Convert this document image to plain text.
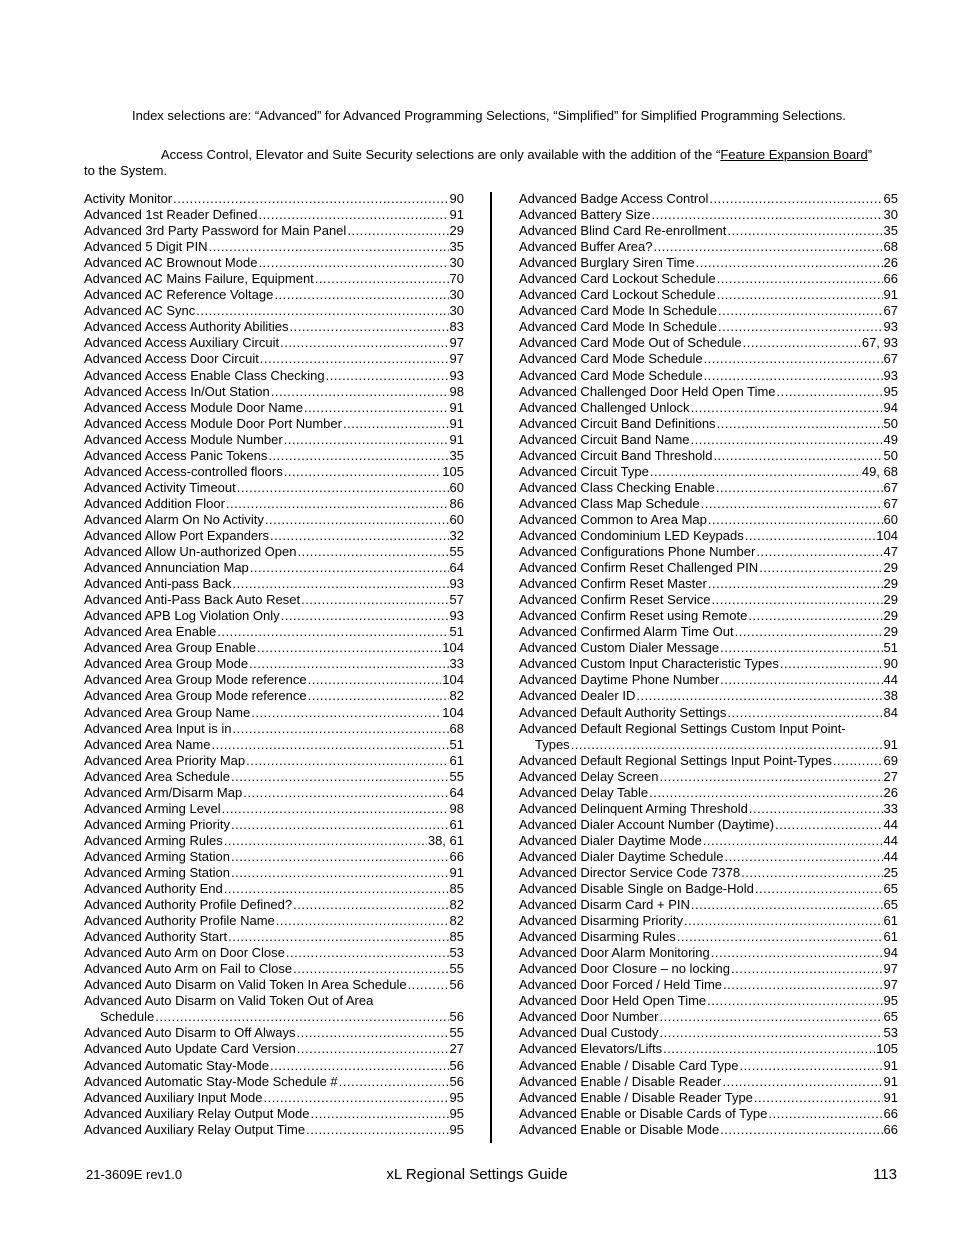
Index selections are: “Advanced” for Advanced Programming Selections, “Simplified” for Simplified Programming Selections.
Access Control, Elevator and Suite Security selections are only available with the addition of the “Feature Expansion Board” to the System.
Activity Monitor .....	90
Advanced 1st Reader Defined .....	91
Advanced 3rd Party Password for Main Panel .....	29
Advanced 5 Digit PIN .....	35
Advanced AC Brownout Mode .....	30
Advanced AC Mains Failure, Equipment .....	70
Advanced AC Reference Voltage .....	30
Advanced AC Sync .....	30
Advanced Access Authority Abilities .....	83
Advanced Access Auxiliary Circuit .....	97
Advanced Access Door Circuit .....	97
Advanced Access Enable Class Checking .....	93
Advanced Access In/Out Station .....	98
Advanced Access Module Door Name .....	91
Advanced Access Module Door Port Number .....	91
Advanced Access Module Number .....	91
Advanced Access Panic Tokens .....	35
Advanced Access-controlled floors .....	105
Advanced Activity Timeout .....	60
Advanced Addition Floor .....	86
Advanced Alarm On No Activity .....	60
Advanced Allow Port Expanders .....	32
Advanced Allow Un-authorized Open .....	55
Advanced Annunciation Map .....	64
Advanced Anti-pass Back .....	93
Advanced Anti-Pass Back Auto Reset .....	57
Advanced APB Log Violation Only .....	93
Advanced Area Enable .....	51
Advanced Area Group Enable .....	104
Advanced Area Group Mode .....	33
Advanced Area Group Mode reference .....	104
Advanced Area Group Mode reference .....	82
Advanced Area Group Name .....	104
Advanced Area Input is in .....	68
Advanced Area Name .....	51
Advanced Area Priority Map .....	61
Advanced Area Schedule .....	55
Advanced Arm/Disarm Map .....	64
Advanced Arming Level .....	98
Advanced Arming Priority .....	61
Advanced Arming Rules .....	38, 61
Advanced Arming Station .....	66
Advanced Arming Station .....	91
Advanced Authority End .....	85
Advanced Authority Profile Defined? .....	82
Advanced Authority Profile Name .....	82
Advanced Authority Start .....	85
Advanced Auto Arm on Door Close .....	53
Advanced Auto Arm on Fail to Close .....	55
Advanced Auto Disarm on Valid Token In Area Schedule .....	56
Advanced Auto Disarm on Valid Token Out of Area
Schedule .....	56
Advanced Auto Disarm to Off Always .....	55
Advanced Auto Update Card Version .....	27
Advanced Automatic Stay-Mode .....	56
Advanced Automatic Stay-Mode Schedule # .....	56
Advanced Auxiliary Input Mode .....	95
Advanced Auxiliary Relay Output Mode .....	95
Advanced Auxiliary Relay Output Time .....	95
Advanced Badge Access Control .....	65
Advanced Battery Size .....	30
Advanced Blind Card Re-enrollment .....	35
Advanced Buffer Area? .....	68
Advanced Burglary Siren Time .....	26
Advanced Card Lockout Schedule .....	66
Advanced Card Lockout Schedule .....	91
Advanced Card Mode In Schedule .....	67
Advanced Card Mode In Schedule .....	93
Advanced Card Mode Out of Schedule .....	67, 93
Advanced Card Mode Schedule .....	67
Advanced Card Mode Schedule .....	93
Advanced Challenged Door Held Open Time .....	95
Advanced Challenged Unlock .....	94
Advanced Circuit Band Definitions .....	50
Advanced Circuit Band Name .....	49
Advanced Circuit Band Threshold .....	50
Advanced Circuit Type .....	49, 68
Advanced Class Checking Enable .....	67
Advanced Class Map Schedule .....	67
Advanced Common to Area Map .....	60
Advanced Condominium LED Keypads .....	104
Advanced Configurations Phone Number .....	47
Advanced Confirm Reset Challenged PIN .....	29
Advanced Confirm Reset Master .....	29
Advanced Confirm Reset Service .....	29
Advanced Confirm Reset using Remote .....	29
Advanced Confirmed Alarm Time Out .....	29
Advanced Custom Dialer Message .....	51
Advanced Custom Input Characteristic Types .....	90
Advanced Daytime Phone Number .....	44
Advanced Dealer ID .....	38
Advanced Default Authority Settings .....	84
Advanced Default Regional Settings Custom Input Point-
Types .....	91
Advanced Default Regional Settings Input Point-Types .....	69
Advanced Delay Screen .....	27
Advanced Delay Table .....	26
Advanced Delinquent Arming Threshold .....	33
Advanced Dialer Account Number (Daytime) .....	44
Advanced Dialer Daytime Mode .....	44
Advanced Dialer Daytime Schedule .....	44
Advanced Director Service Code 7378 .....	25
Advanced Disable Single on Badge-Hold .....	65
Advanced Disarm Card + PIN .....	65
Advanced Disarming Priority .....	61
Advanced Disarming Rules .....	61
Advanced Door Alarm Monitoring .....	94
Advanced Door Closure – no locking .....	97
Advanced Door Forced / Held Time .....	97
Advanced Door Held Open Time .....	95
Advanced Door Number .....	65
Advanced Dual Custody .....	53
Advanced Elevators/Lifts .....	105
Advanced Enable / Disable Card Type .....	91
Advanced Enable / Disable Reader .....	91
Advanced Enable / Disable Reader Type .....	91
Advanced Enable or Disable Cards of Type .....	66
Advanced Enable or Disable Mode .....	66
21-3609E rev1.0	xL Regional Settings Guide	113
